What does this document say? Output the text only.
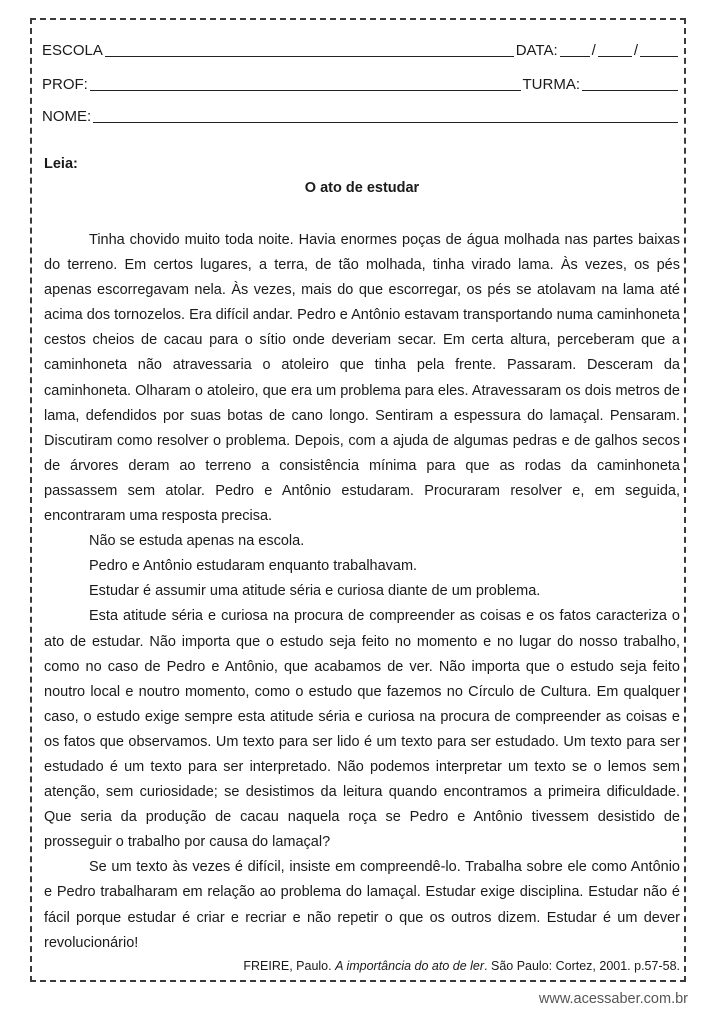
ESCOLA	DATA: /	/
PROF:	TURMA:
NOME:
Leia:
O ato de estudar

Tinha chovido muito toda noite. Havia enormes poças de água molhada nas partes baixas do terreno. Em certos lugares, a terra, de tão molhada, tinha virado lama. Às vezes, os pés apenas escorregavam nela. Às vezes, mais do que escorregar, os pés se atolavam na lama até acima dos tornozelos. Era difícil andar. Pedro e Antônio estavam transportando numa caminhoneta cestos cheios de cacau para o sítio onde deveriam secar. Em certa altura, perceberam que a caminhoneta não atravessaria o atoleiro que tinha pela frente. Passaram. Desceram da caminhoneta. Olharam o atoleiro, que era um problema para eles. Atravessaram os dois metros de lama, defendidos por suas botas de cano longo. Sentiram a espessura do lamaçal. Pensaram. Discutiram como resolver o problema. Depois, com a ajuda de algumas pedras e de galhos secos de árvores deram ao terreno a consistência mínima para que as rodas da caminhoneta passassem sem atolar. Pedro e Antônio estudaram. Procuraram resolver e, em seguida, encontraram uma resposta precisa.

Não se estuda apenas na escola.

Pedro e Antônio estudaram enquanto trabalhavam.

Estudar é assumir uma atitude séria e curiosa diante de um problema.

Esta atitude séria e curiosa na procura de compreender as coisas e os fatos caracteriza o ato de estudar. Não importa que o estudo seja feito no momento e no lugar do nosso trabalho, como no caso de Pedro e Antônio, que acabamos de ver. Não importa que o estudo seja feito noutro local e noutro momento, como o estudo que fazemos no Círculo de Cultura. Em qualquer caso, o estudo exige sempre esta atitude séria e curiosa na procura de compreender as coisas e os fatos que observamos. Um texto para ser lido é um texto para ser estudado. Um texto para ser estudado é um texto para ser interpretado. Não podemos interpretar um texto se o lemos sem atenção, sem curiosidade; se desistimos da leitura quando encontramos a primeira dificuldade. Que seria da produção de cacau naquela roça se Pedro e Antônio tivessem desistido de prosseguir o trabalho por causa do lamaçal?

Se um texto às vezes é difícil, insiste em compreendê-lo. Trabalha sobre ele como Antônio e Pedro trabalharam em relação ao problema do lamaçal. Estudar exige disciplina. Estudar não é fácil porque estudar é criar e recriar e não repetir o que os outros dizem. Estudar é um dever revolucionário!

FREIRE, Paulo. A importância do ato de ler. São Paulo: Cortez, 2001. p.57-58.
www.acessaber.com.br
